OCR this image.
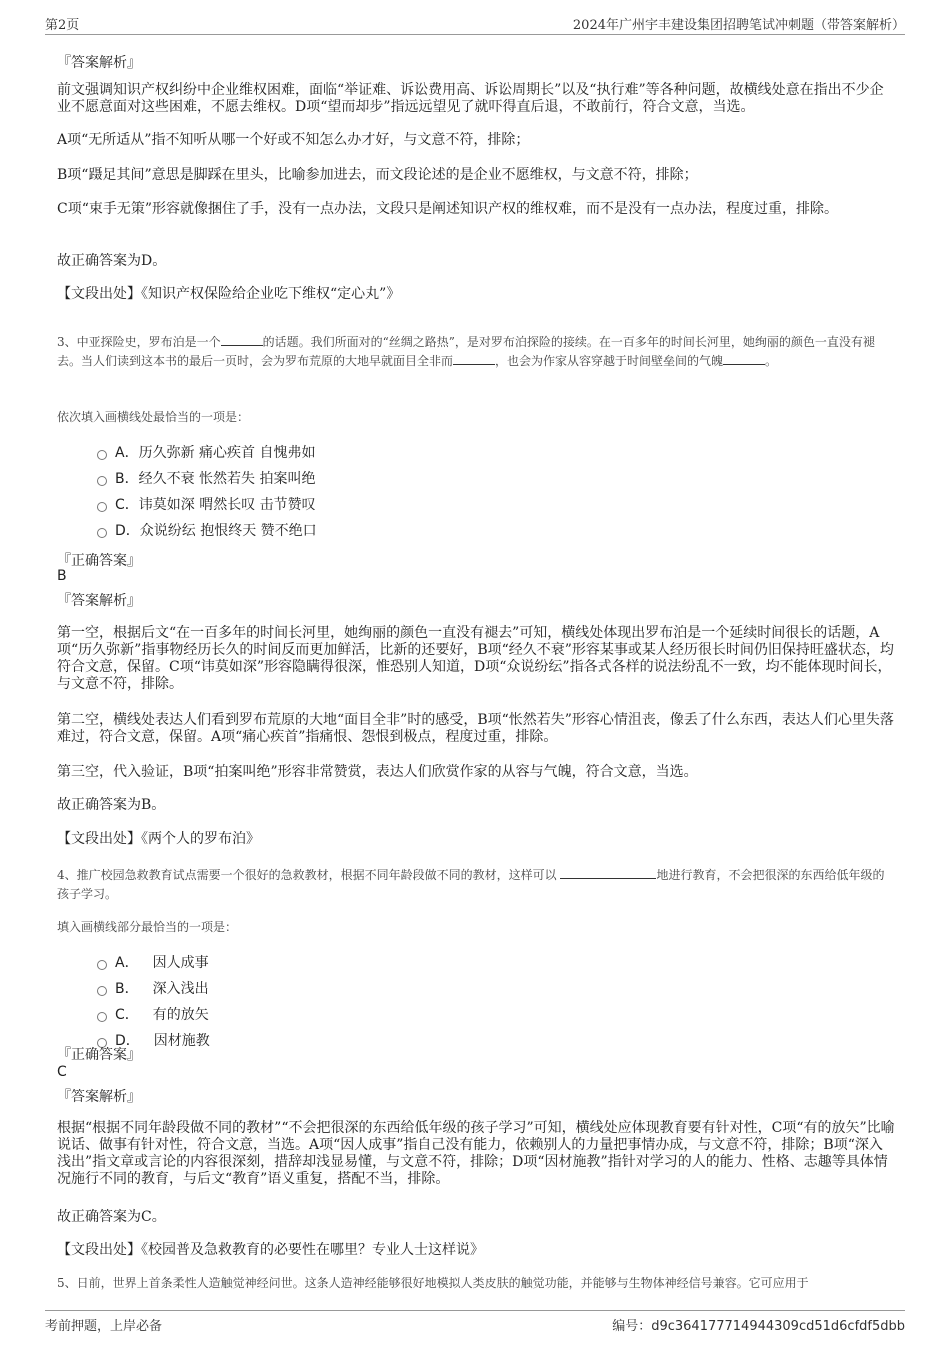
第2页	2024年广州宇丰建设集团招聘笔试冲刺题（带答案解析）
『答案解析』
前文强调知识产权纠纷中企业维权困难，面临“举证难、诉讼费用高、诉讼周期长”以及“执行难”等各种问题，故横线处意在指出不少企业不愿意面对这些困难，不愿去维权。D项“望而却步”指远远望见了就吓得直后退，不敢前行，符合文意，当选。
A项“无所适从”指不知听从哪一个好或不知怎么办才好，与文意不符，排除；
B项“蹑足其间”意思是脚踩在里头，比喻参加进去，而文段论述的是企业不愿维权，与文意不符，排除；
C项“束手无策”形容就像捆住了手，没有一点办法，文段只是阐述知识产权的维权难，而不是没有一点办法，程度过重，排除。
故正确答案为D。
【文段出处】《知识产权保险给企业吃下维权“定心丸”》
3、中亚探险史，罗布泊是一个	的话题。我们所面对的“丝绸之路热”，是对罗布泊探险的接续。在一百多年的时间长河里，她绚丽的颜色一直没有褪去。当人们读到这本书的最后一页时，会为罗布荒原的大地早就面目全非而	，也会为作家从容穿越于时间壁垒间的气魄	。
依次填入画横线处最恰当的一项是：
A．历久弥新 痛心疾首 自愧弗如
B．经久不衰 怅然若失 拍案叫绝
C．讳莫如深 喟然长叹 击节赞叹
D．众说纷纭 抱恨终天 赞不绝口
『正确答案』
B
『答案解析』
第一空，根据后文“在一百多年的时间长河里，她绚丽的颜色一直没有褪去”可知，横线处体现出罗布泊是一个延续时间很长的话题，A项“历久弥新”指事物经历长久的时间反而更加鲜活，比新的还要好，B项“经久不衰”形容某事或某人经历很长时间仍旧保持旺盛状态，均符合文意，保留。C项“讳莫如深”形容隐瞒得很深，惟恐别人知道，D项“众说纷纭”指各式各样的说法纷乱不一致，均不能体现时间长，与文意不符，排除。
第二空，横线处表达人们看到罗布荒原的大地“面目全非”时的感受，B项“怅然若失”形容心情沮丧，像丢了什么东西，表达人们心里失落难过，符合文意，保留。A项“痛心疾首”指痛恨、怨恨到极点，程度过重，排除。
第三空，代入验证，B项“拍案叫绝”形容非常赞赏，表达人们欣赏作家的从容与气魄，符合文意，当选。
故正确答案为B。
【文段出处】《两个人的罗布泊》
4、推广校园急救教育试点需要一个很好的急救教材，根据不同年龄段做不同的教材，这样可以	地进行教育，不会把很深的东西给低年级的孩子学习。
填入画横线部分最恰当的一项是：
A． 因人成事
B． 深入浅出
C． 有的放矢
D． 因材施教
『正确答案』
C
『答案解析』
根据“根据不同年龄段做不同的教材”“不会把很深的东西给低年级的孩子学习”可知，横线处应体现教育要有针对性，C项“有的放矢”比喻说话、做事有针对性，符合文意，当选。A项“因人成事”指自己没有能力，依赖别人的力量把事情办成，与文意不符，排除；B项“深入浅出”指文章或言论的内容很深刻，措辞却浅显易懂，与文意不符，排除；D项“因材施教”指针对学习的人的能力、性格、志趣等具体情况施行不同的教育，与后文“教育”语义重复，搭配不当，排除。
故正确答案为C。
【文段出处】《校园普及急救教育的必要性在哪里？专业人士这样说》
5、日前，世界上首条柔性人造触觉神经问世。这条人造神经能够很好地模拟人类皮肤的触觉功能，并能够与生物体神经信号兼容。它可应用于
考前押题，上岸必备	编号：d9c364177714944309cd51d6cfdf5dbb
